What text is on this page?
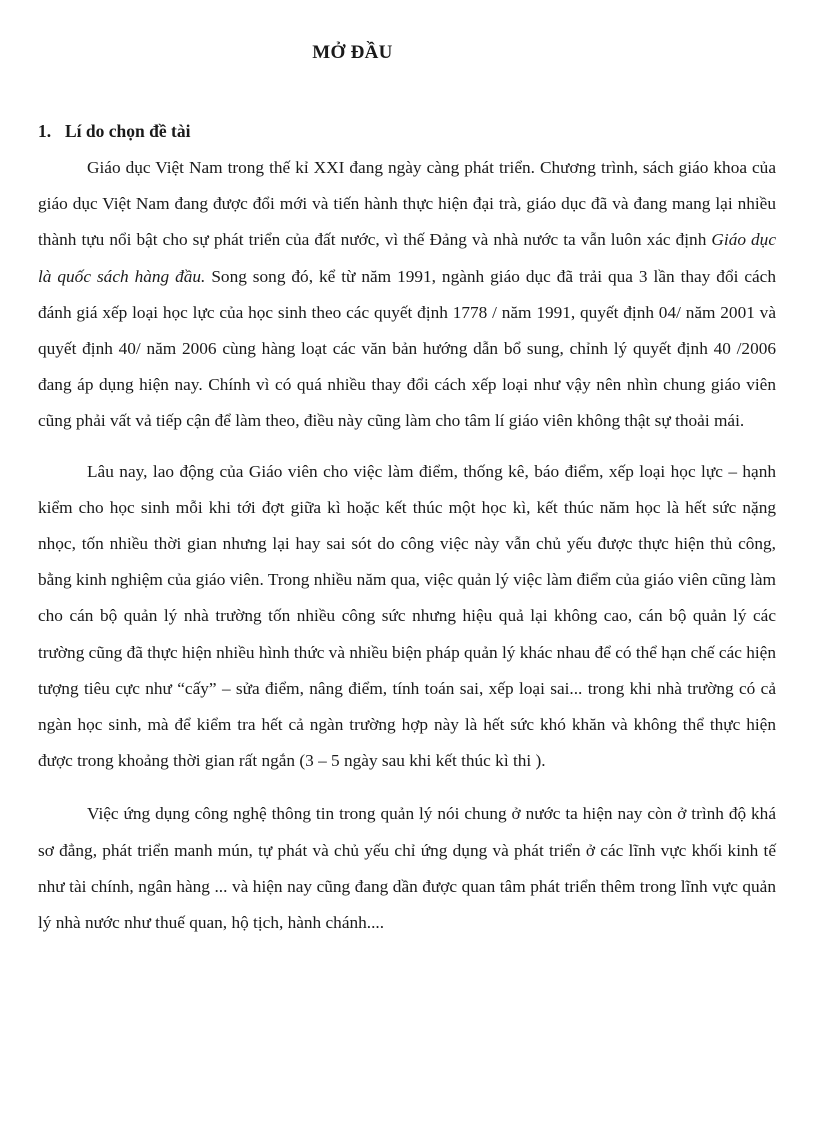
MỞ ĐẦU
1. Lí do chọn đề tài

Giáo dục Việt Nam trong thế kỉ XXI đang ngày càng phát triển. Chương trình, sách giáo khoa của giáo dục Việt Nam đang được đổi mới và tiến hành thực hiện đại trà, giáo dục đã và đang mang lại nhiều thành tựu nổi bật cho sự phát triển của đất nước, vì thế Đảng và nhà nước ta vẫn luôn xác định Giáo dục là quốc sách hàng đầu. Song song đó, kể từ năm 1991, ngành giáo dục đã trải qua 3 lần thay đổi cách đánh giá xếp loại học lực của học sinh theo các quyết định 1778 / năm 1991, quyết định 04/ năm 2001 và quyết định 40/ năm 2006 cùng hàng loạt các văn bản hướng dẫn bổ sung, chỉnh lý quyết định 40 /2006 đang áp dụng hiện nay. Chính vì có quá nhiều thay đổi cách xếp loại như vậy nên nhìn chung giáo viên cũng phải vất vả tiếp cận để làm theo, điều này cũng làm cho tâm lí giáo viên không thật sự thoải mái.

Lâu nay, lao động của Giáo viên cho việc làm điểm, thống kê, báo điểm, xếp loại học lực – hạnh kiểm cho học sinh mỗi khi tới đợt giữa kì hoặc kết thúc một học kì, kết thúc năm học là hết sức nặng nhọc, tốn nhiều thời gian nhưng lại hay sai sót do công việc này vẫn chủ yếu được thực hiện thủ công, bằng kinh nghiệm của giáo viên. Trong nhiều năm qua, việc quản lý việc làm điểm của giáo viên cũng làm cho cán bộ quản lý nhà trường tốn nhiều công sức nhưng hiệu quả lại không cao, cán bộ quản lý các trường cũng đã thực hiện nhiều hình thức và nhiều biện pháp quản lý khác nhau để có thể hạn chế các hiện tượng tiêu cực như “cấy” – sửa điểm, nâng điểm, tính toán sai, xếp loại sai... trong khi nhà trường có cả ngàn học sinh, mà để kiểm tra hết cả ngàn trường hợp này là hết sức khó khăn và không thể thực hiện được trong khoảng thời gian rất ngắn (3 – 5 ngày sau khi kết thúc kì thi ).

Việc ứng dụng công nghệ thông tin trong quản lý nói chung ở nước ta hiện nay còn ở trình độ khá sơ đẳng, phát triển manh mún, tự phát và chủ yếu chỉ ứng dụng và phát triển ở các lĩnh vực khối kinh tế như tài chính, ngân hàng ... và hiện nay cũng đang dần được quan tâm phát triển thêm trong lĩnh vực quản lý nhà nước như thuế quan, hộ tịch, hành chánh....
